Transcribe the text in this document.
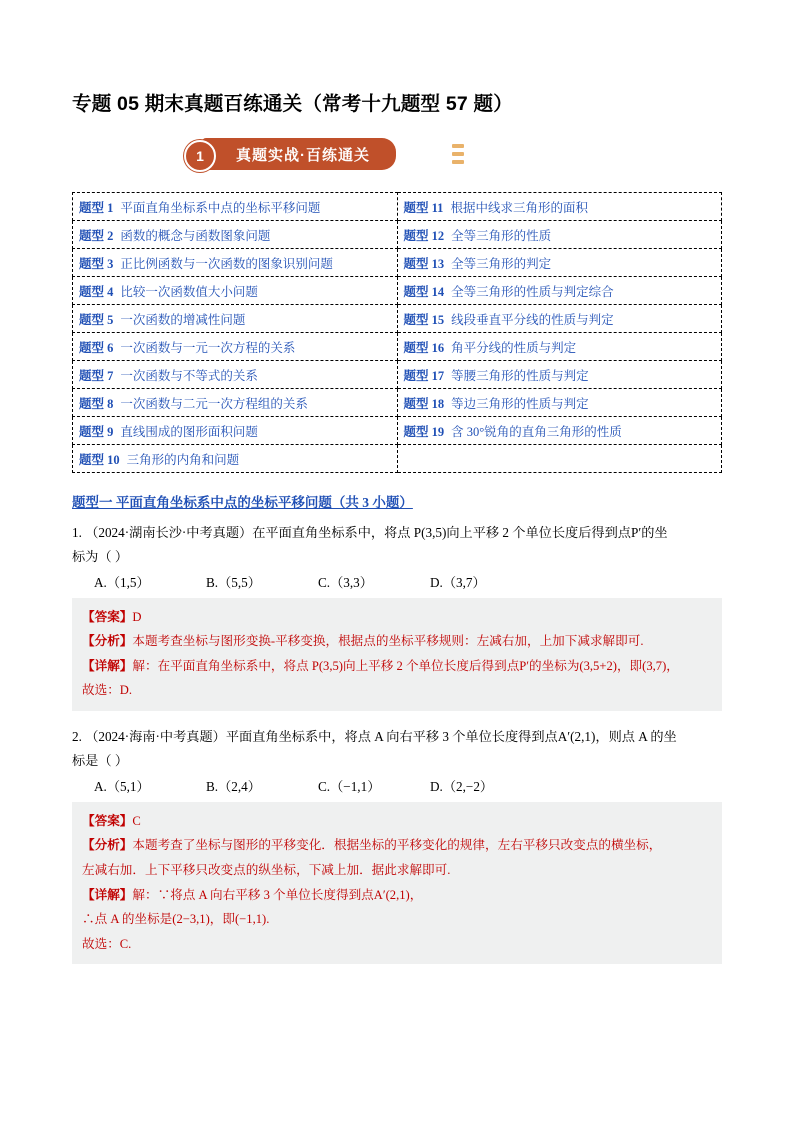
专题 05 期末真题百练通关（常考十九题型 57 题）
真题实战·百练通关
1
题型 1 平面直角坐标系中点的坐标平移问题	题型 11 根据中线求三角形的面积
题型 2 函数的概念与函数图象问题	题型 12 全等三角形的性质
题型 3 正比例函数与一次函数的图象识别问题	题型 13 全等三角形的判定
题型 4 比较一次函数值大小问题	题型 14 全等三角形的性质与判定综合
题型 5 一次函数的增减性问题	题型 15 线段垂直平分线的性质与判定
题型 6 一次函数与一元一次方程的关系	题型 16 角平分线的性质与判定
题型 7 一次函数与不等式的关系	题型 17 等腰三角形的性质与判定
题型 8 一次函数与二元一次方程组的关系	题型 18 等边三角形的性质与判定
题型 9 直线围成的图形面积问题	题型 19 含 30°锐角的直角三角形的性质
题型 10 三角形的内角和问题	
题型一 平面直角坐标系中点的坐标平移问题（共 3 小题）

1. （2024·湖南长沙·中考真题）在平面直角坐标系中，将点 P(3,5)向上平移 2 个单位长度后得到点P′的坐
标为（ ）

A.（1,5）	B.（5,5）	C.（3,3）	D.（3,7）

【答案】D

【分析】本题考查坐标与图形变换-平移变换，根据点的坐标平移规则：左减右加，上加下减求解即可.

【详解】解：在平面直角坐标系中，将点 P(3,5)向上平移 2 个单位长度后得到点P′的坐标为(3,5+2)，即(3,7)，

故选：D.

2. （2024·海南·中考真题）平面直角坐标系中，将点 A 向右平移 3 个单位长度得到点A′(2,1)，则点 A 的坐
标是（ ）

A.（5,1）	B.（2,4）	C.（−1,1）	D.（2,−2）

【答案】C

【分析】本题考查了坐标与图形的平移变化．根据坐标的平移变化的规律，左右平移只改变点的横坐标，

左减右加．上下平移只改变点的纵坐标，下减上加．据此求解即可.

【详解】解：∵将点 A 向右平移 3 个单位长度得到点A′(2,1)，

∴点 A 的坐标是(2−3,1)，即(−1,1).

故选：C.
